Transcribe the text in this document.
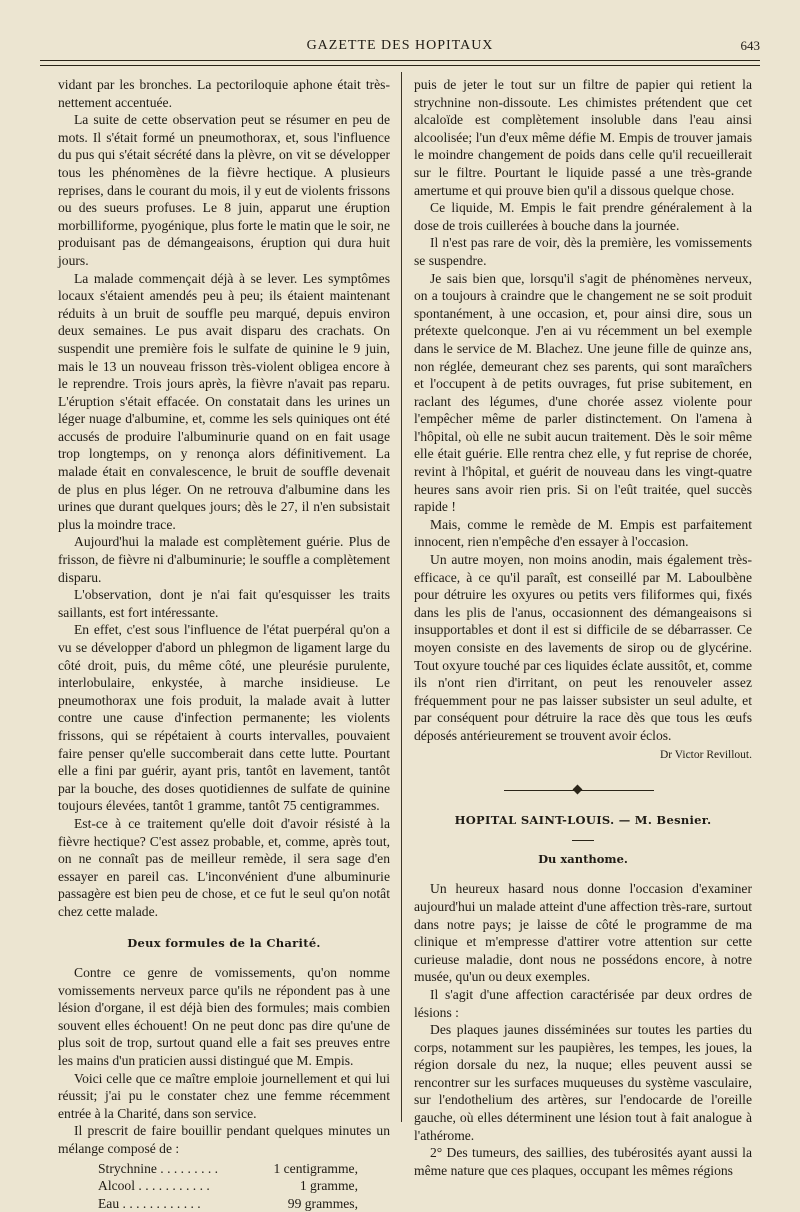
GAZETTE DES HOPITAUX	643

vidant par les bronches. La pectoriloquie aphone était très-nettement accentuée.

La suite de cette observation peut se résumer en peu de mots. Il s'était formé un pneumothorax, et, sous l'influence du pus qui s'était sécrété dans la plèvre, on vit se développer tous les phénomènes de la fièvre hectique. A plusieurs reprises, dans le courant du mois, il y eut de violents frissons ou des sueurs profuses. Le 8 juin, apparut une éruption morbilliforme, pyogénique, plus forte le matin que le soir, ne produisant pas de démangeaisons, éruption qui dura huit jours.

La malade commençait déjà à se lever. Les symptômes locaux s'étaient amendés peu à peu; ils étaient maintenant réduits à un bruit de souffle peu marqué, depuis environ deux semaines. Le pus avait disparu des crachats. On suspendit une première fois le sulfate de quinine le 9 juin, mais le 13 un nouveau frisson très-violent obligea encore à le reprendre. Trois jours après, la fièvre n'avait pas reparu. L'éruption s'était effacée. On constatait dans les urines un léger nuage d'albumine, et, comme les sels quiniques ont été accusés de produire l'albuminurie quand on en fait usage trop longtemps, on y renonça alors définitivement. La malade était en convalescence, le bruit de souffle devenait de plus en plus léger. On ne retrouva d'albumine dans les urines que durant quelques jours; dès le 27, il n'en subsistait plus la moindre trace.

Aujourd'hui la malade est complètement guérie. Plus de frisson, de fièvre ni d'albuminurie; le souffle a complètement disparu.

L'observation, dont je n'ai fait qu'esquisser les traits saillants, est fort intéressante.

En effet, c'est sous l'influence de l'état puerpéral qu'on a vu se développer d'abord un phlegmon de ligament large du côté droit, puis, du même côté, une pleurésie purulente, interlobulaire, enkystée, à marche insidieuse. Le pneumothorax une fois produit, la malade avait à lutter contre une cause d'infection permanente; les violents frissons, qui se répétaient à courts intervalles, pouvaient faire penser qu'elle succomberait dans cette lutte. Pourtant elle a fini par guérir, ayant pris, tantôt en lavement, tantôt par la bouche, des doses quotidiennes de sulfate de quinine toujours élevées, tantôt 1 gramme, tantôt 75 centigrammes.

Est-ce à ce traitement qu'elle doit d'avoir résisté à la fièvre hectique? C'est assez probable, et, comme, après tout, on ne connaît pas de meilleur remède, il sera sage d'en essayer en pareil cas. L'inconvénient d'une albuminurie passagère est bien peu de chose, et ce fut le seul qu'on notât chez cette malade.

Deux formules de la Charité.

Contre ce genre de vomissements, qu'on nomme vomissements nerveux parce qu'ils ne répondent pas à une lésion d'organe, il est déjà bien des formules; mais combien souvent elles échouent! On ne peut donc pas dire qu'une de plus soit de trop, surtout quand elle a fait ses preuves entre les mains d'un praticien aussi distingué que M. Empis.

Voici celle que ce maître emploie journellement et qui lui réussit; j'ai pu le constater chez une femme récemment entrée à la Charité, dans son service.

Il prescrit de faire bouillir pendant quelques minutes un mélange composé de :

Strychnine . . . . . . . . .	1 centigramme,
Alcool . . . . . . . . . . .	1 gramme,
Eau . . . . . . . . . . . .	99 grammes,

puis de jeter le tout sur un filtre de papier qui retient la strychnine non-dissoute. Les chimistes prétendent que cet alcaloïde est complètement insoluble dans l'eau ainsi alcoolisée; l'un d'eux même défie M. Empis de trouver jamais le moindre changement de poids dans celle qu'il recueillerait sur le filtre. Pourtant le liquide passé a une très-grande amertume et qui prouve bien qu'il a dissous quelque chose.

Ce liquide, M. Empis le fait prendre généralement à la dose de trois cuillerées à bouche dans la journée.

Il n'est pas rare de voir, dès la première, les vomissements se suspendre.

Je sais bien que, lorsqu'il s'agit de phénomènes nerveux, on a toujours à craindre que le changement ne se soit produit spontanément, à une occasion, et, pour ainsi dire, sous un prétexte quelconque. J'en ai vu récemment un bel exemple dans le service de M. Blachez. Une jeune fille de quinze ans, non réglée, demeurant chez ses parents, qui sont maraîchers et l'occupent à de petits ouvrages, fut prise subitement, en raclant des légumes, d'une chorée assez violente pour l'empêcher même de parler distinctement. On l'amena à l'hôpital, où elle ne subit aucun traitement. Dès le soir même elle était guérie. Elle rentra chez elle, y fut reprise de chorée, revint à l'hôpital, et guérit de nouveau dans les vingt-quatre heures sans avoir rien pris. Si on l'eût traitée, quel succès rapide !

Mais, comme le remède de M. Empis est parfaitement innocent, rien n'empêche d'en essayer à l'occasion.

Un autre moyen, non moins anodin, mais également très-efficace, à ce qu'il paraît, est conseillé par M. Laboulbène pour détruire les oxyures ou petits vers filiformes qui, fixés dans les plis de l'anus, occasionnent des démangeaisons si insupportables et dont il est si difficile de se débarrasser. Ce moyen consiste en des lavements de sirop ou de glycérine. Tout oxyure touché par ces liquides éclate aussitôt, et, comme ils n'ont rien d'irritant, on peut les renouveler assez fréquemment pour ne pas laisser subsister un seul adulte, et par conséquent pour détruire la race dès que tous les œufs déposés antérieurement se trouvent avoir éclos.

Dr Victor Revillout.

HOPITAL SAINT-LOUIS. — M. Besnier.
Du xanthome.

Un heureux hasard nous donne l'occasion d'examiner aujourd'hui un malade atteint d'une affection très-rare, surtout dans notre pays; je laisse de côté le programme de ma clinique et m'empresse d'attirer votre attention sur cette curieuse maladie, dont nous ne possédons encore, à notre musée, qu'un ou deux exemples.

Il s'agit d'une affection caractérisée par deux ordres de lésions :

Des plaques jaunes disséminées sur toutes les parties du corps, notamment sur les paupières, les tempes, les joues, la région dorsale du nez, la nuque; elles peuvent aussi se rencontrer sur les surfaces muqueuses du système vasculaire, sur l'endothelium des artères, sur l'endocarde de l'oreille gauche, où elles déterminent une lésion tout à fait analogue à l'athérome.

2° Des tumeurs, des saillies, des tubérosités ayant aussi la même nature que ces plaques, occupant les mêmes régions
